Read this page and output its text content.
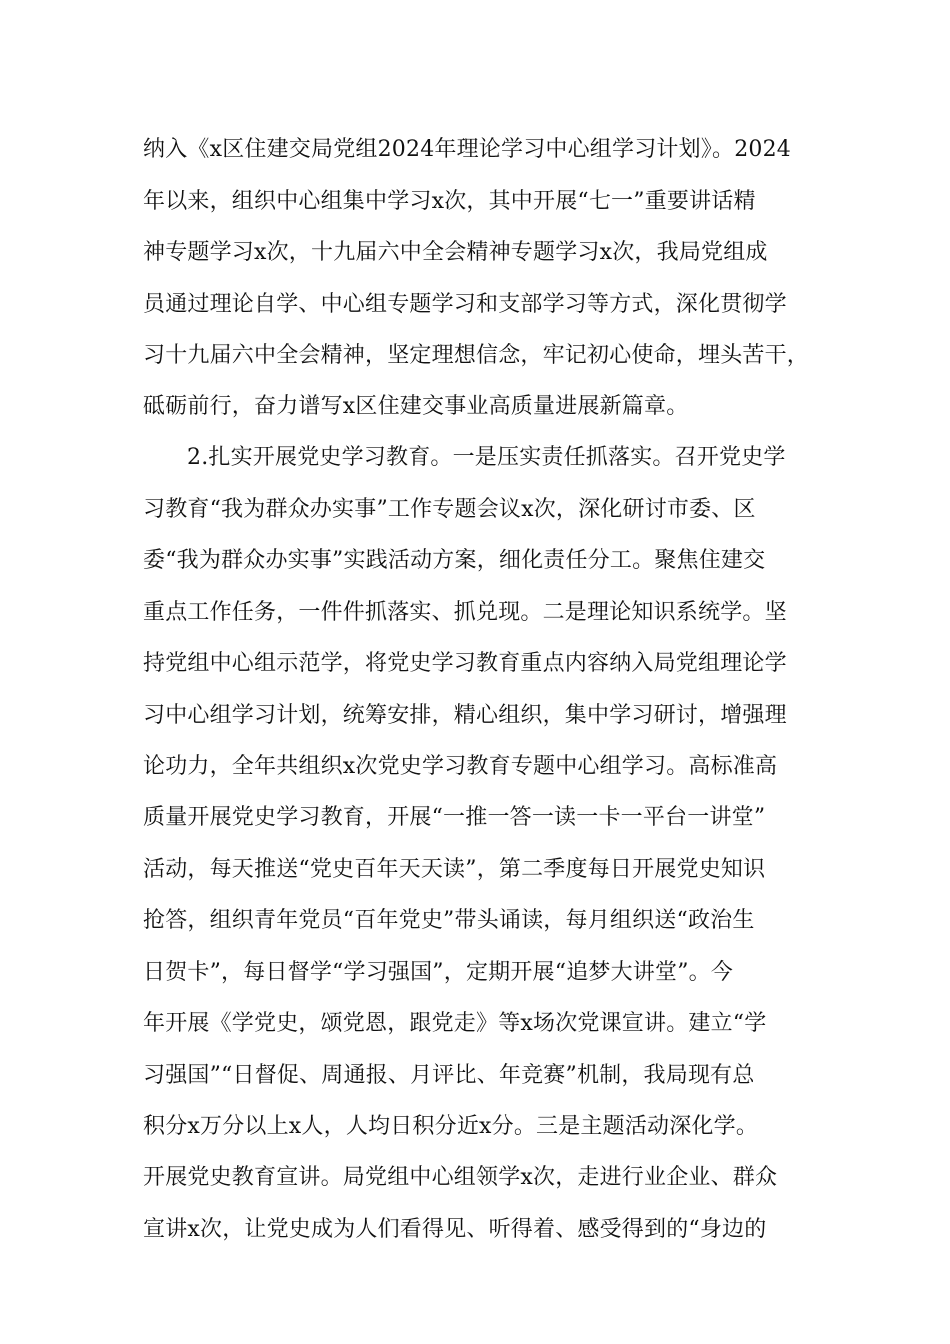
纳入《x区住建交局党组2024年理论学习中心组学习计划》。2024
年以来，组织中心组集中学习x次，其中开展“七一”重要讲话精
神专题学习x次，十九届六中全会精神专题学习x次，我局党组成
员通过理论自学、中心组专题学习和支部学习等方式，深化贯彻学
习十九届六中全会精神，坚定理想信念，牢记初心使命，埋头苦干，
砥砺前行，奋力谱写x区住建交事业高质量进展新篇章。
2.扎实开展党史学习教育。一是压实责任抓落实。召开党史学
习教育“我为群众办实事”工作专题会议x次，深化研讨市委、区
委“我为群众办实事”实践活动方案，细化责任分工。聚焦住建交
重点工作任务，一件件抓落实、抓兑现。二是理论知识系统学。坚
持党组中心组示范学，将党史学习教育重点内容纳入局党组理论学
习中心组学习计划，统筹安排，精心组织，集中学习研讨，增强理
论功力，全年共组织x次党史学习教育专题中心组学习。高标准高
质量开展党史学习教育，开展“一推一答一读一卡一平台一讲堂”
活动，每天推送“党史百年天天读”，第二季度每日开展党史知识
抢答，组织青年党员“百年党史”带头诵读，每月组织送“政治生
日贺卡”，每日督学“学习强国”，定期开展“追梦大讲堂”。今
年开展《学党史，颂党恩，跟党走》等x场次党课宣讲。建立“学
习强国”“日督促、周通报、月评比、年竞赛”机制，我局现有总
积分x万分以上x人，人均日积分近x分。三是主题活动深化学。
开展党史教育宣讲。局党组中心组领学x次，走进行业企业、群众
宣讲x次，让党史成为人们看得见、听得着、感受得到的“身边的
